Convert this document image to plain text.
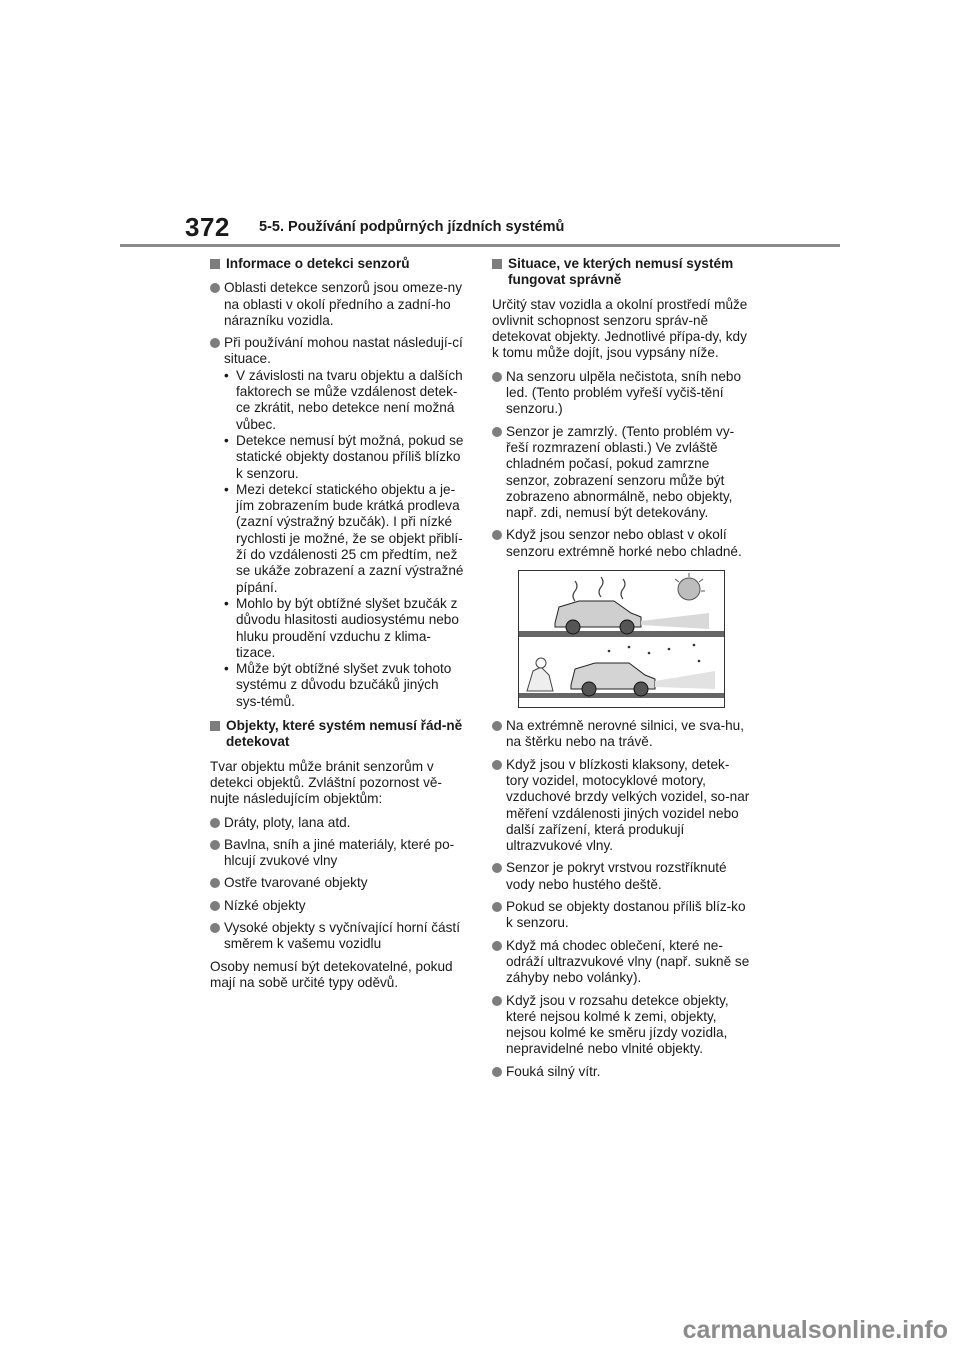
372 5-5. Používání podpůrných jízdních systémů
Informace o detekci senzorů
Oblasti detekce senzorů jsou omeze-ny na oblasti v okolí předního a zadní-ho nárazníku vozidla.
Při používání mohou nastat následují-cí situace.
• V závislosti na tvaru objektu a dalších faktorech se může vzdálenost detek-ce zkrátit, nebo detekce není možná vůbec.
• Detekce nemusí být možná, pokud se statické objekty dostanou příliš blízko k senzoru.
• Mezi detekcí statického objektu a je-jím zobrazením bude krátká prodleva (zazní výstražný bzučák). I při nízké rychlosti je možné, že se objekt přiblí-ží do vzdálenosti 25 cm předtím, než se ukáže zobrazení a zazní výstražné pípání.
• Mohlo by být obtížné slyšet bzučák z důvodu hlasitosti audiosystému nebo hluku proudění vzduchu z klima-tizace.
• Může být obtížné slyšet zvuk tohoto systému z důvodu bzučáků jiných sys-témů.
Objekty, které systém nemusí řád-ně detekovat
Tvar objektu může bránit senzorům v detekci objektů. Zvláštní pozornost vě-nujte následujícím objektům:
Dráty, ploty, lana atd.
Bavlna, sníh a jiné materiály, které po-hlcují zvukové vlny
Ostře tvarované objekty
Nízké objekty
Vysoké objekty s vyčnívající horní částí směrem k vašemu vozidlu
Osoby nemusí být detekovatelné, pokud mají na sobě určité typy oděvů.
Situace, ve kterých nemusí systém fungovat správně
Určitý stav vozidla a okolní prostředí může ovlivnit schopnost senzoru správ-ně detekovat objekty. Jednotlivé přípa-dy, kdy k tomu může dojít, jsou vypsány níže.
Na senzoru ulpěla nečistota, sníh nebo led. (Tento problém vyřeší vyčiš-tění senzoru.)
Senzor je zamrzlý. (Tento problém vy-řeší rozmrazení oblasti.) Ve zvláště chladném počasí, pokud zamrzne senzor, zobrazení senzoru může být zobrazeno abnormálně, nebo objekty, např. zdi, nemusí být detekovány.
Když jsou senzor nebo oblast v okolí senzoru extrémně horké nebo chladné.
Na extrémně nerovné silnici, ve sva-hu, na štěrku nebo na trávě.
Když jsou v blízkosti klaksony, detek-tory vozidel, motocyklové motory, vzduchové brzdy velkých vozidel, so-nar měření vzdálenosti jiných vozidel nebo další zařízení, která produkují ultrazvukové vlny.
Senzor je pokryt vrstvou rozstříknuté vody nebo hustého deště.
Pokud se objekty dostanou příliš blíz-ko k senzoru.
Když má chodec oblečení, které ne-odráží ultrazvukové vlny (např. sukně se záhyby nebo volánky).
Když jsou v rozsahu detekce objekty, které nejsou kolmé k zemi, objekty, nejsou kolmé ke směru jízdy vozidla, nepravidelné nebo vlnité objekty.
Fouká silný vítr.
carmanualsonline.info
